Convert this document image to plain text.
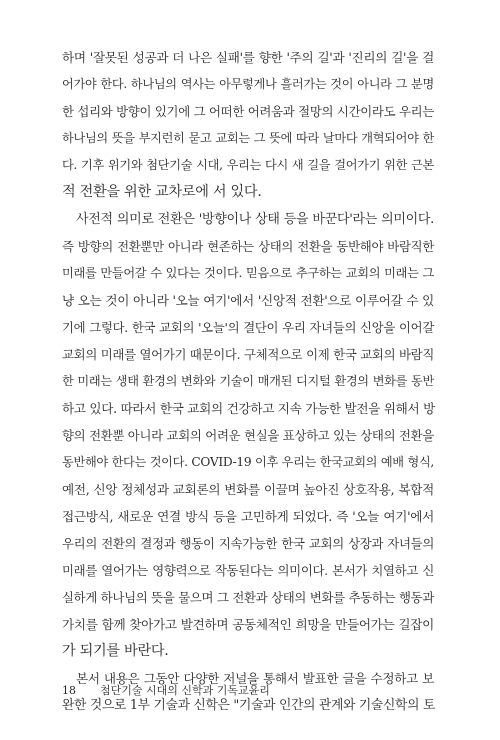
하며 '잘못된 성공과 더 나은 실패'를 향한 '주의 길'과 '진리의 길'을 걸
어가야 한다. 하나님의 역사는 아무렇게나 흘러가는 것이 아니라 그 분명
한 섭리와 방향이 있기에 그 어떠한 어려움과 절망의 시간이라도 우리는
하나님의 뜻을 부지런히 묻고 교회는 그 뜻에 따라 날마다 개혁되어야 한
다. 기후 위기와 첨단기술 시대, 우리는 다시 새 길을 걸어가기 위한 근본
적 전환을 위한 교차로에 서 있다.
사전적 의미로 전환은 '방향이나 상태 등을 바꾼다'라는 의미이다.
즉 방향의 전환뿐만 아니라 현존하는 상태의 전환을 동반해야 바람직한
미래를 만들어갈 수 있다는 것이다. 믿음으로 추구하는 교회의 미래는 그
냥 오는 것이 아니라 '오늘 여기'에서 '신앙적 전환'으로 이루어갈 수 있
기에 그렇다. 한국 교회의 '오늘'의 결단이 우리 자녀들의 신앙을 이어갈
교회의 미래를 열어가기 때문이다. 구체적으로 이제 한국 교회의 바람직
한 미래는 생태 환경의 변화와 기술이 매개된 디지털 환경의 변화를 동반
하고 있다. 따라서 한국 교회의 건강하고 지속 가능한 발전을 위해서 방
향의 전환뿐 아니라 교회의 어려운 현실을 표상하고 있는 상태의 전환을
동반해야 한다는 것이다. COVID-19 이후 우리는 한국교회의 예배 형식,
예전, 신앙 정체성과 교회론의 변화를 이끌며 높아진 상호작용, 복합적
접근방식, 새로운 연결 방식 등을 고민하게 되었다. 즉 '오늘 여기'에서
우리의 전환의 결정과 행동이 지속가능한 한국 교회의 상장과 자녀들의
미래를 열어가는 영향력으로 작동된다는 의미이다. 본서가 치열하고 신
실하게 하나님의 뜻을 물으며 그 전환과 상태의 변화를 추동하는 행동과
가치를 함께 찾아가고 발견하며 공동체적인 희망을 만들어가는 길잡이
가 되기를 바란다.
본서 내용은 그동안 다양한 저널을 통해서 발표한 글을 수정하고 보
완한 것으로 1부 기술과 신학은 "기술과 인간의 관계와 기술신학의 토
18 첨단기술 시대의 신학과 기독교윤리
